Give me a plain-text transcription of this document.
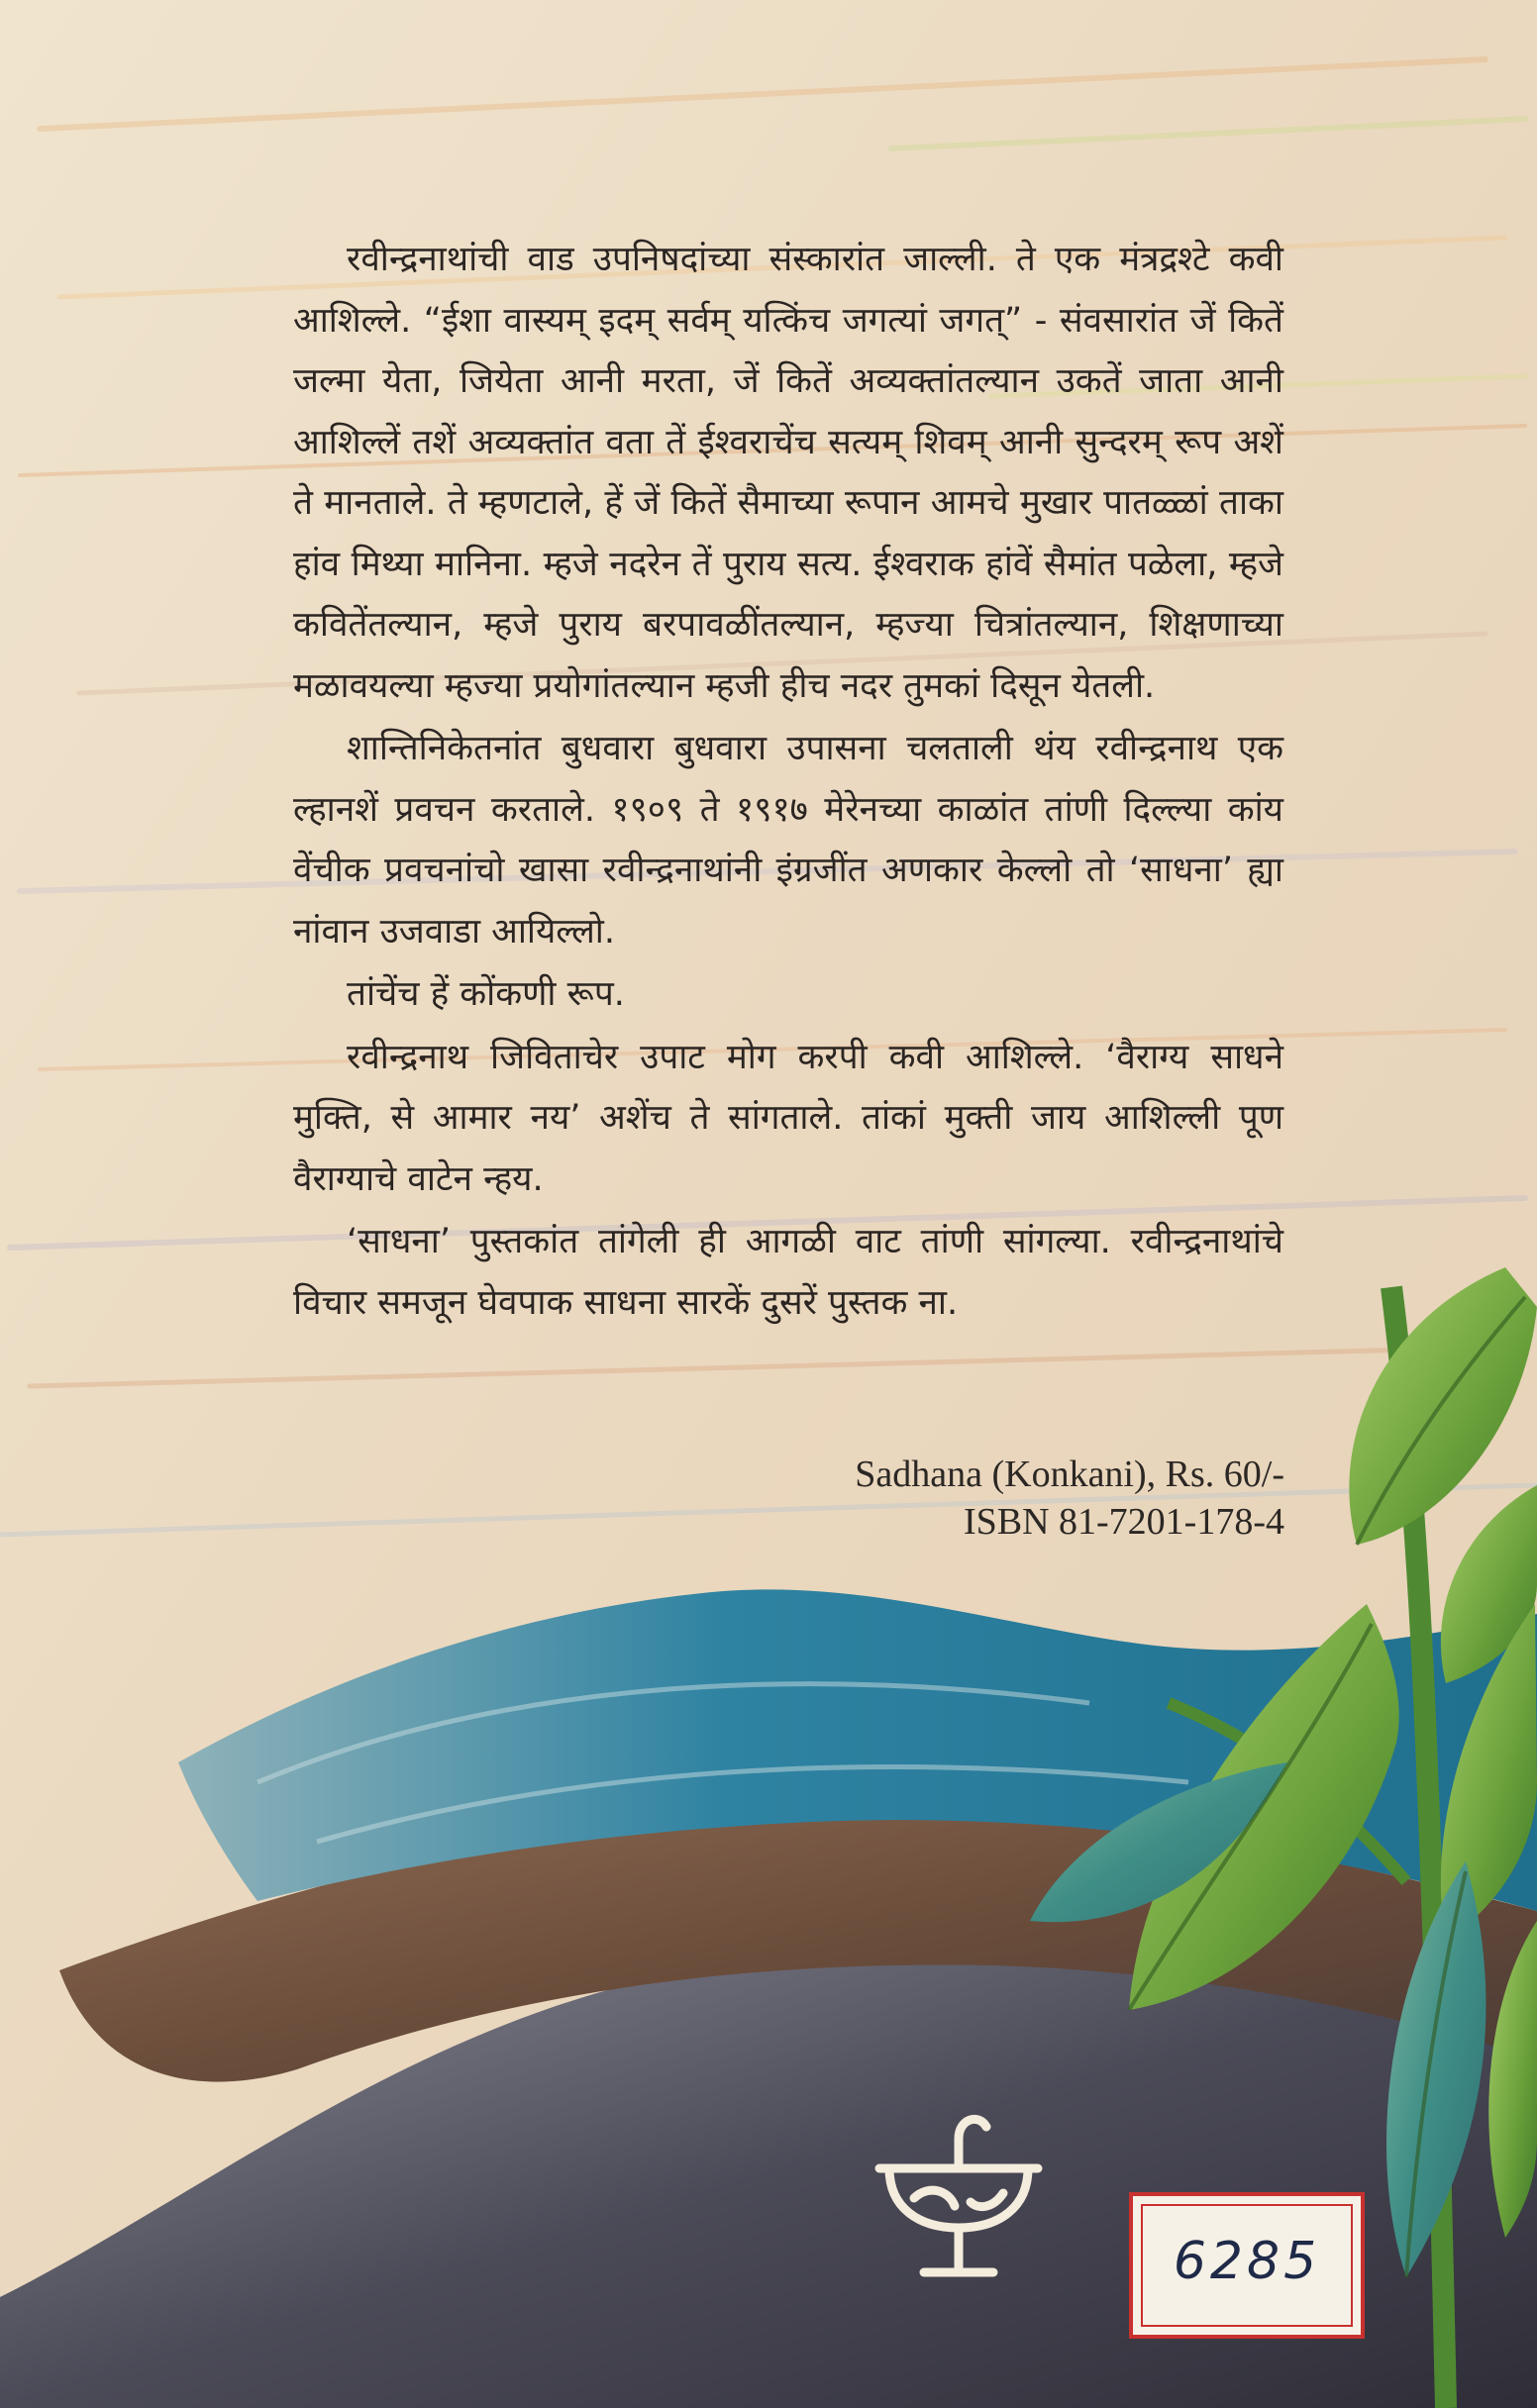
रवीन्द्रनाथांची वाड उपनिषदांच्या संस्कारांत जाल्ली. ते एक मंत्रद्रश्टे कवी आशिल्ले. “ईशा वास्यम् इदम् सर्वम् यत्किंच जगत्यां जगत्” - संवसारांत जें कितें जल्मा येता, जियेता आनी मरता, जें कितें अव्यक्तांतल्यान उकतें जाता आनी आशिल्लें तशें अव्यक्तांत वता तें ईश्वराचेंच सत्यम् शिवम् आनी सुन्दरम् रूप अशें ते मानताले. ते म्हणटाले, हें जें कितें सैमाच्या रूपान आमचे मुखार पातळ्ळां ताका हांव मिथ्या मानिना. म्हजे नदरेन तें पुराय सत्य. ईश्वराक हांवें सैमांत पळेला, म्हजे कवितेंतल्यान, म्हजे पुराय बरपावळींतल्यान, म्हज्या चित्रांतल्यान, शिक्षणाच्या मळावयल्या म्हज्या प्रयोगांतल्यान म्हजी हीच नदर तुमकां दिसून येतली.

शान्तिनिकेतनांत बुधवारा बुधवारा उपासना चलताली थंय रवीन्द्रनाथ एक ल्हानशें प्रवचन करताले. १९०९ ते १९१७ मेरेनच्या काळांत तांणी दिल्ल्या कांय वेंचीक प्रवचनांचो खासा रवीन्द्रनाथांनी इंग्रजींत अणकार केल्लो तो ‘साधना’ ह्या नांवान उजवाडा आयिल्लो.

तांचेंच हें कोंकणी रूप.

रवीन्द्रनाथ जिविताचेर उपाट मोग करपी कवी आशिल्ले. ‘वैराग्य साधने मुक्ति, से आमार नय’ अशेंच ते सांगताले. तांकां मुक्ती जाय आशिल्ली पूण वैराग्याचे वाटेन न्हय.

‘साधना’ पुस्तकांत तांगेली ही आगळी वाट तांणी सांगल्या. रवीन्द्रनाथांचे विचार समजून घेवपाक साधना सारकें दुसरें पुस्तक ना.

Sadhana (Konkani), Rs. 60/-
ISBN 81-7201-178-4
6285
